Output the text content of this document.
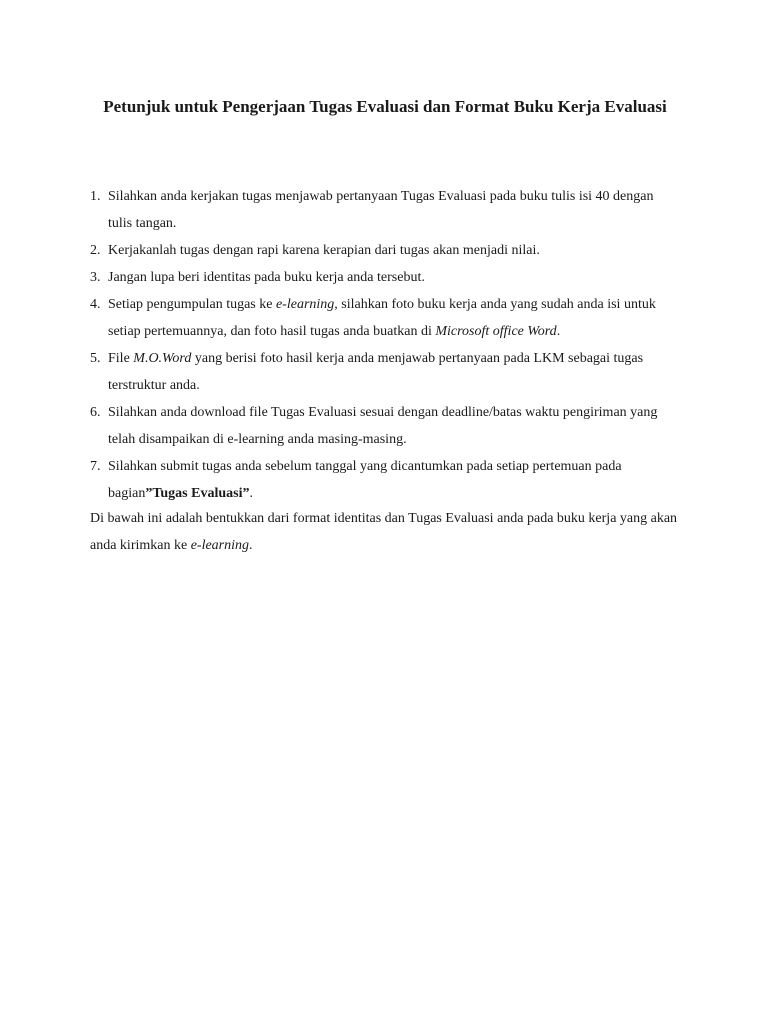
Petunjuk untuk Pengerjaan Tugas Evaluasi dan Format Buku Kerja Evaluasi
1. Silahkan anda kerjakan tugas menjawab pertanyaan Tugas Evaluasi pada buku tulis isi 40 dengan tulis tangan.
2. Kerjakanlah tugas dengan rapi karena kerapian dari tugas akan menjadi nilai.
3. Jangan lupa beri identitas pada buku kerja anda tersebut.
4. Setiap pengumpulan tugas ke e-learning, silahkan foto buku kerja anda yang sudah anda isi untuk setiap pertemuannya, dan foto hasil tugas anda buatkan di Microsoft office Word.
5. File M.O.Word yang berisi foto hasil kerja anda menjawab pertanyaan pada LKM sebagai tugas terstruktur anda.
6. Silahkan anda download file Tugas Evaluasi sesuai dengan deadline/batas waktu pengiriman yang telah disampaikan di e-learning anda masing-masing.
7. Silahkan submit tugas anda sebelum tanggal yang dicantumkan pada setiap pertemuan pada bagian”Tugas Evaluasi”.

Di bawah ini adalah bentukkan dari format identitas dan Tugas Evaluasi anda pada buku kerja yang akan anda kirimkan ke e-learning.
